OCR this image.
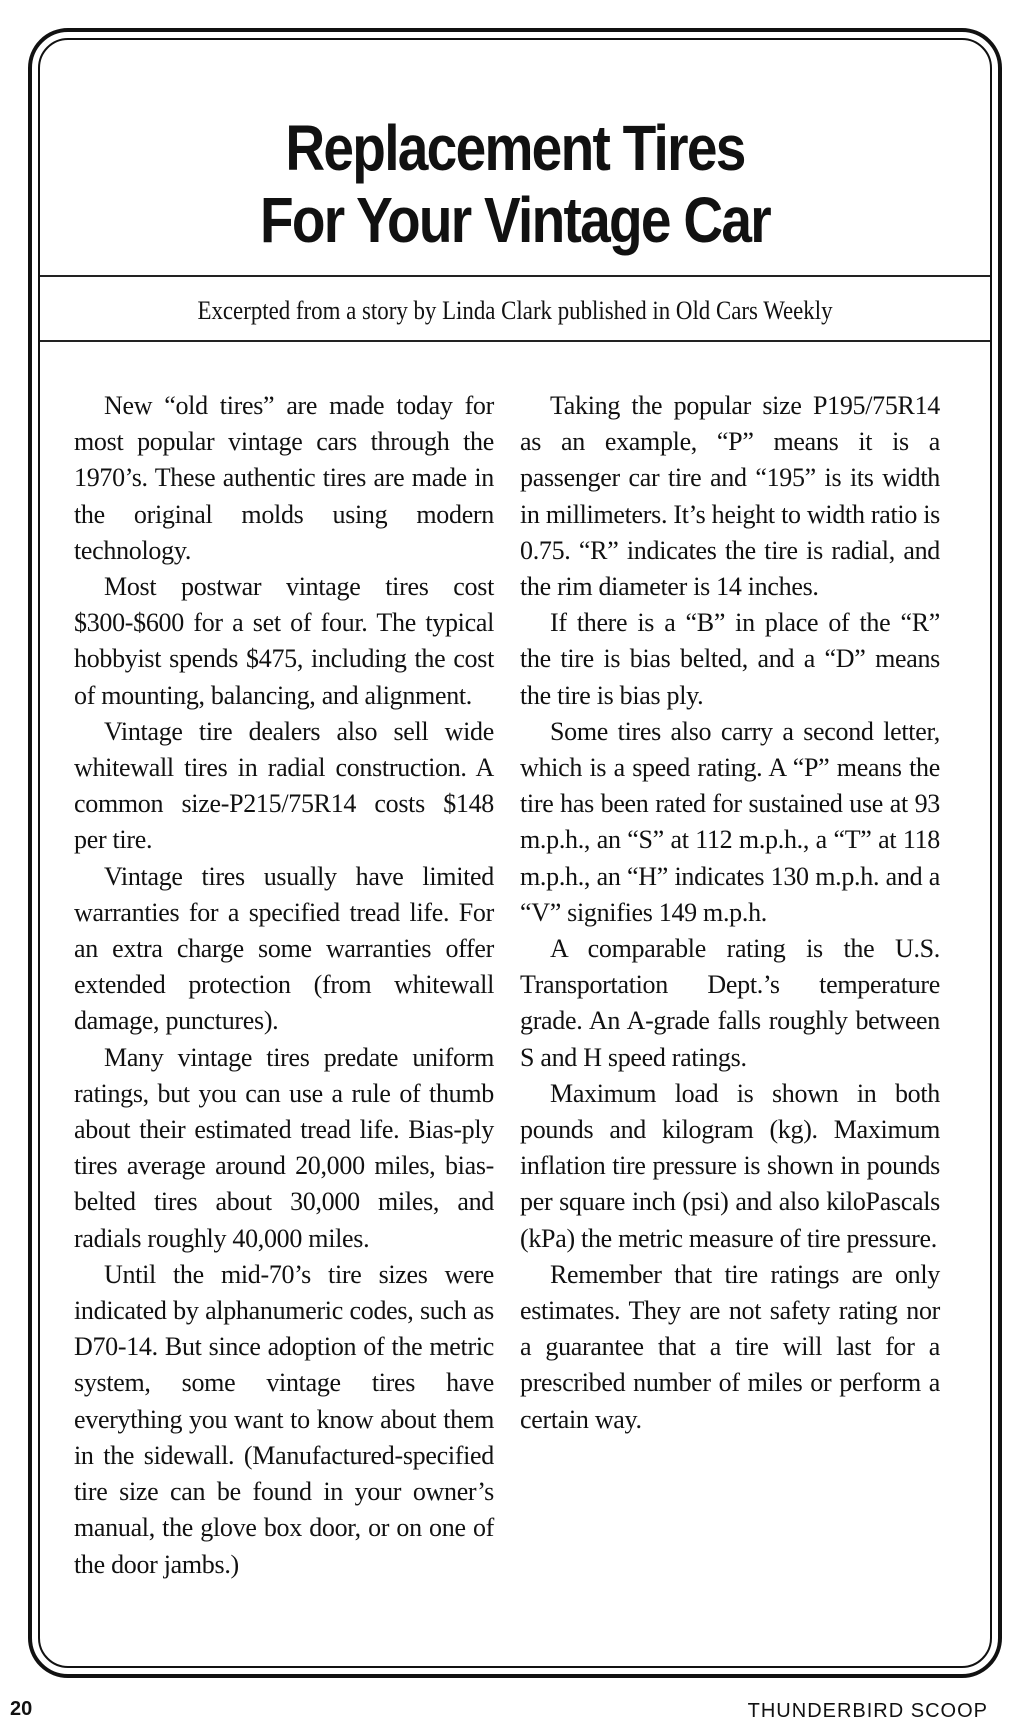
Replacement Tires
For Your Vintage Car
Excerpted from a story by Linda Clark published in Old Cars Weekly

New “old tires” are made today for most popular vintage cars through the 1970’s. These authentic tires are made in the original molds using modern technology.

Most postwar vintage tires cost $300-$600 for a set of four. The typical hobbyist spends $475, including the cost of mounting, balancing, and alignment.

Vintage tire dealers also sell wide whitewall tires in radial construction. A common size-P215/75R14 costs $148 per tire.

Vintage tires usually have limited warranties for a specified tread life. For an extra charge some warranties offer extended protection (from whitewall damage, punctures).

Many vintage tires predate uniform ratings, but you can use a rule of thumb about their estimated tread life. Bias-ply tires average around 20,000 miles, bias-belted tires about 30,000 miles, and radials roughly 40,000 miles.

Until the mid-70’s tire sizes were indicated by alphanumeric codes, such as D70-14. But since adoption of the metric system, some vintage tires have everything you want to know about them in the sidewall. (Manufactured-specified tire size can be found in your owner’s manual, the glove box door, or on one of the door jambs.)

Taking the popular size P195/75R14 as an example, “P” means it is a passenger car tire and “195” is its width in millimeters. It’s height to width ratio is 0.75. “R” indicates the tire is radial, and the rim diameter is 14 inches.

If there is a “B” in place of the “R” the tire is bias belted, and a “D” means the tire is bias ply.

Some tires also carry a second letter, which is a speed rating. A “P” means the tire has been rated for sustained use at 93 m.p.h., an “S” at 112 m.p.h., a “T” at 118 m.p.h., an “H” indicates 130 m.p.h. and a “V” signifies 149 m.p.h.

A comparable rating is the U.S. Transportation Dept.’s temperature grade. An A-grade falls roughly between S and H speed ratings.

Maximum load is shown in both pounds and kilogram (kg). Maximum inflation tire pressure is shown in pounds per square inch (psi) and also kiloPascals (kPa) the metric measure of tire pressure.

Remember that tire ratings are only estimates. They are not safety rating nor a guarantee that a tire will last for a prescribed number of miles or perform a certain way.

20	THUNDERBIRD SCOOP
